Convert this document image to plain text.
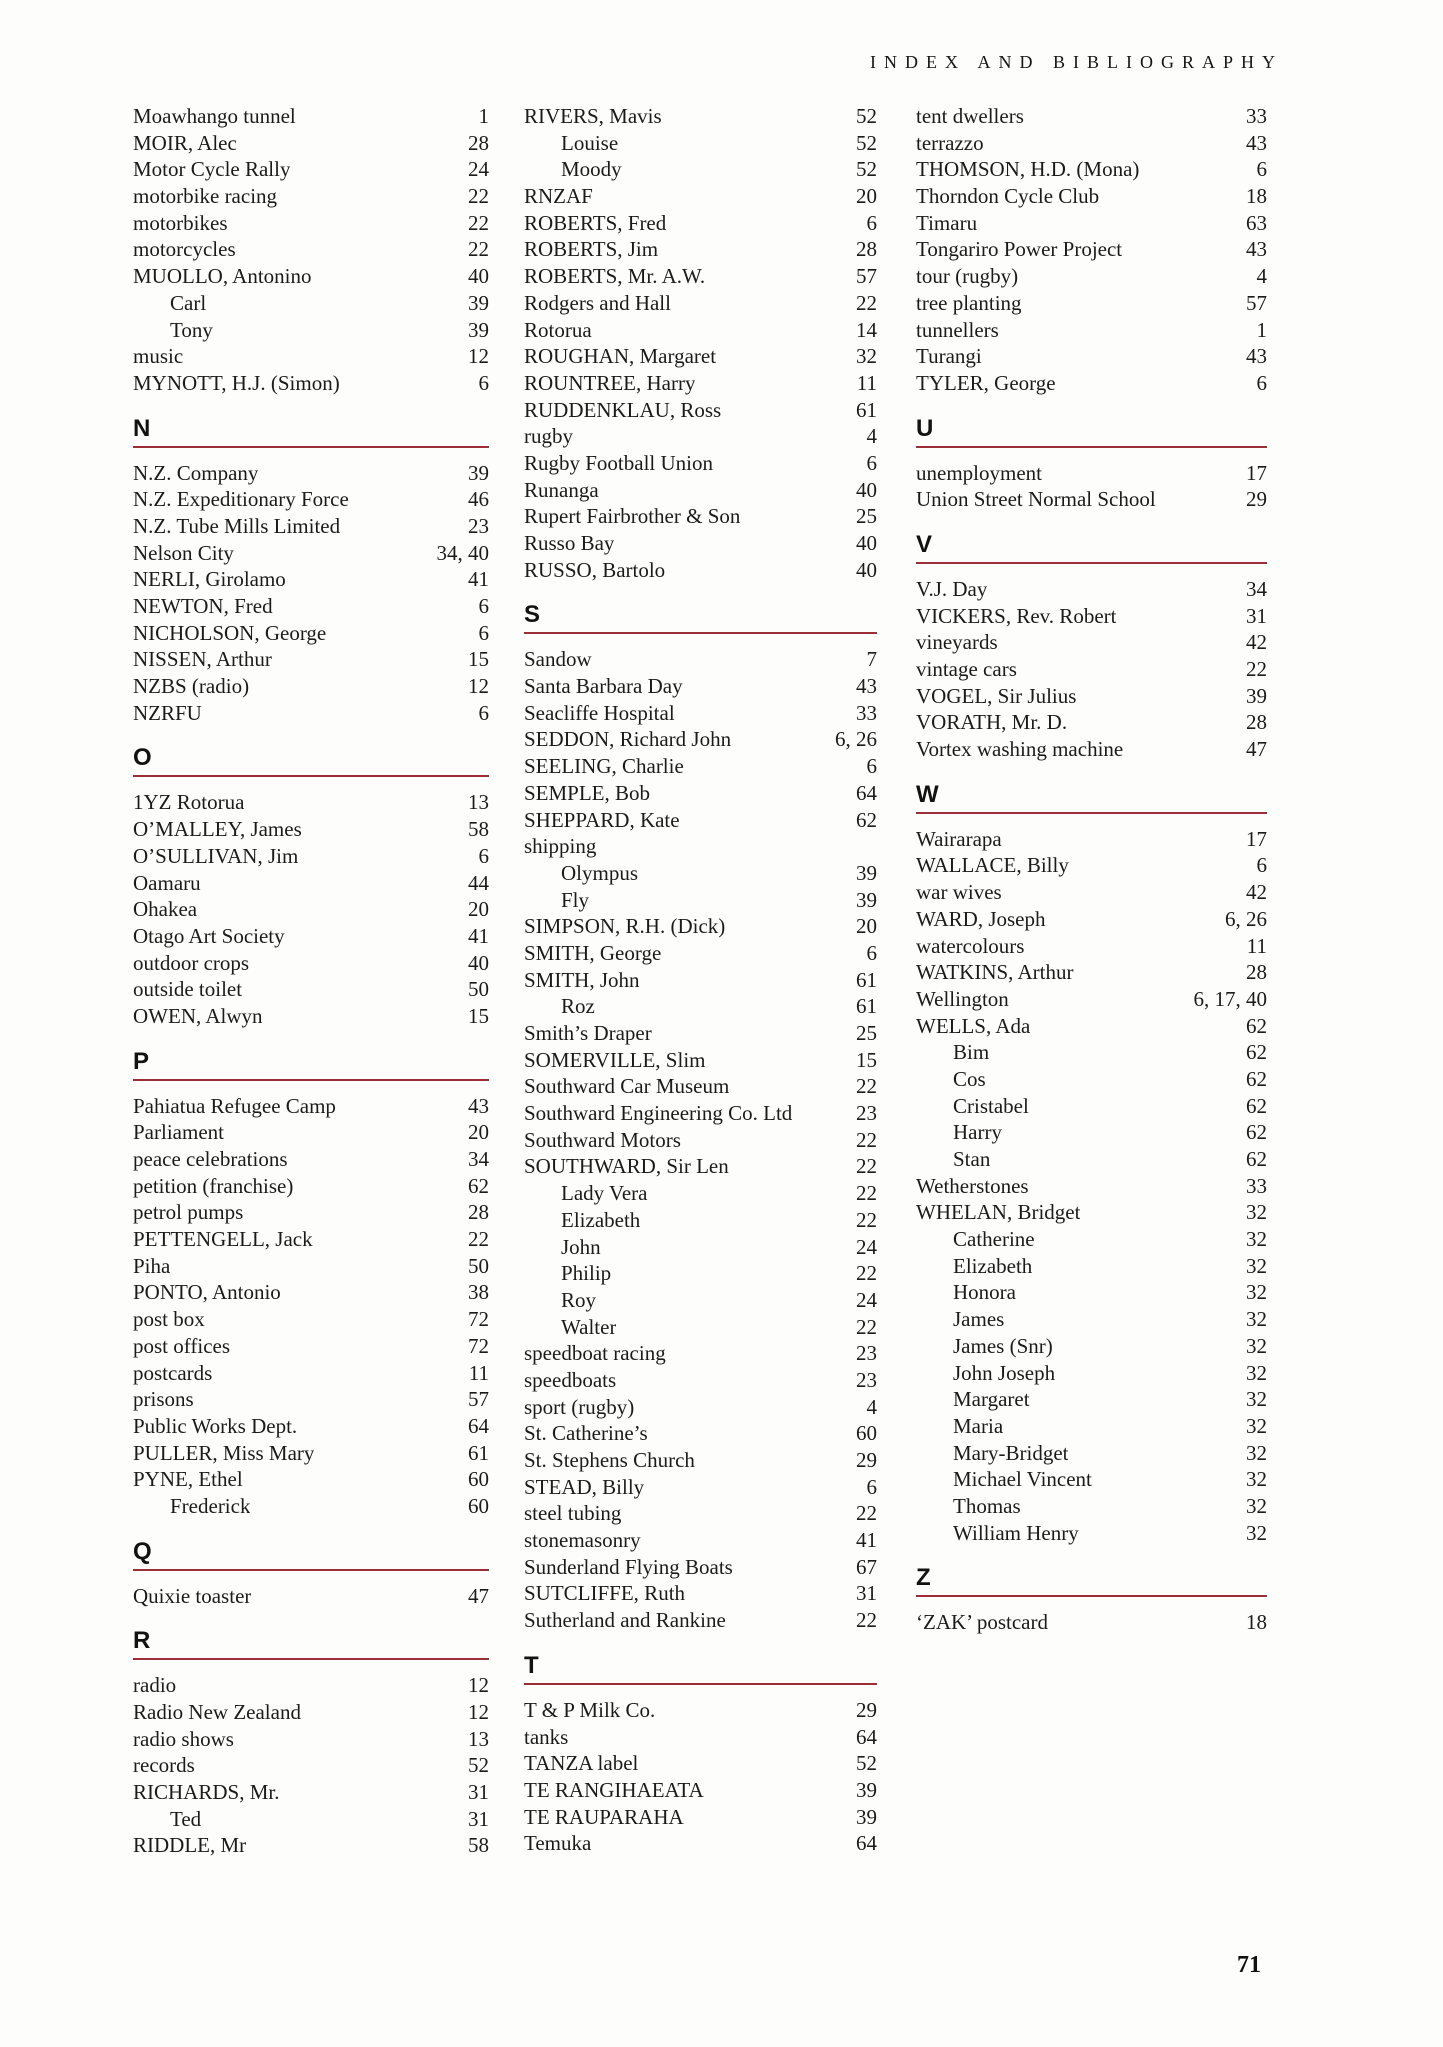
INDEX AND BIBLIOGRAPHY
Moawhango tunnel	1
MOIR, Alec	28
Motor Cycle Rally	24
motorbike racing	22
motorbikes	22
motorcycles	22
MUOLLO, Antonino	40
Carl	39
Tony	39
music	12
MYNOTT, H.J. (Simon)	6
N
N.Z. Company	39
N.Z. Expeditionary Force	46
N.Z. Tube Mills Limited	23
Nelson City	34, 40
NERLI, Girolamo	41
NEWTON, Fred	6
NICHOLSON, George	6
NISSEN, Arthur	15
NZBS (radio)	12
NZRFU	6
O
1YZ Rotorua	13
O’MALLEY, James	58
O’SULLIVAN, Jim	6
Oamaru	44
Ohakea	20
Otago Art Society	41
outdoor crops	40
outside toilet	50
OWEN, Alwyn	15
P
Pahiatua Refugee Camp	43
Parliament	20
peace celebrations	34
petition (franchise)	62
petrol pumps	28
PETTENGELL, Jack	22
Piha	50
PONTO, Antonio	38
post box	72
post offices	72
postcards	11
prisons	57
Public Works Dept.	64
PULLER, Miss Mary	61
PYNE, Ethel	60
Frederick	60
Q
Quixie toaster	47
R
radio	12
Radio New Zealand	12
radio shows	13
records	52
RICHARDS, Mr.	31
Ted	31
RIDDLE, Mr	58
RIVERS, Mavis	52
Louise	52
Moody	52
RNZAF	20
ROBERTS, Fred	6
ROBERTS, Jim	28
ROBERTS, Mr. A.W.	57
Rodgers and Hall	22
Rotorua	14
ROUGHAN, Margaret	32
ROUNTREE, Harry	11
RUDDENKLAU, Ross	61
rugby	4
Rugby Football Union	6
Runanga	40
Rupert Fairbrother & Son	25
Russo Bay	40
RUSSO, Bartolo	40
S
Sandow	7
Santa Barbara Day	43
Seacliffe Hospital	33
SEDDON, Richard John	6, 26
SEELING, Charlie	6
SEMPLE, Bob	64
SHEPPARD, Kate	62
shipping
Olympus	39
Fly	39
SIMPSON, R.H. (Dick)	20
SMITH, George	6
SMITH, John	61
Roz	61
Smith’s Draper	25
SOMERVILLE, Slim	15
Southward Car Museum	22
Southward Engineering Co. Ltd	23
Southward Motors	22
SOUTHWARD, Sir Len	22
Lady Vera	22
Elizabeth	22
John	24
Philip	22
Roy	24
Walter	22
speedboat racing	23
speedboats	23
sport (rugby)	4
St. Catherine’s	60
St. Stephens Church	29
STEAD, Billy	6
steel tubing	22
stonemasonry	41
Sunderland Flying Boats	67
SUTCLIFFE, Ruth	31
Sutherland and Rankine	22
T
T & P Milk Co.	29
tanks	64
TANZA label	52
TE RANGIHAEATA	39
TE RAUPARAHA	39
Temuka	64
tent dwellers	33
terrazzo	43
THOMSON, H.D. (Mona)	6
Thorndon Cycle Club	18
Timaru	63
Tongariro Power Project	43
tour (rugby)	4
tree planting	57
tunnellers	1
Turangi	43
TYLER, George	6
U
unemployment	17
Union Street Normal School	29
V
V.J. Day	34
VICKERS, Rev. Robert	31
vineyards	42
vintage cars	22
VOGEL, Sir Julius	39
VORATH, Mr. D.	28
Vortex washing machine	47
W
Wairarapa	17
WALLACE, Billy	6
war wives	42
WARD, Joseph	6, 26
watercolours	11
WATKINS, Arthur	28
Wellington	6, 17, 40
WELLS, Ada	62
Bim	62
Cos	62
Cristabel	62
Harry	62
Stan	62
Wetherstones	33
WHELAN, Bridget	32
Catherine	32
Elizabeth	32
Honora	32
James	32
James (Snr)	32
John Joseph	32
Margaret	32
Maria	32
Mary-Bridget	32
Michael Vincent	32
Thomas	32
William Henry	32
Z
‘ZAK’ postcard	18
71
